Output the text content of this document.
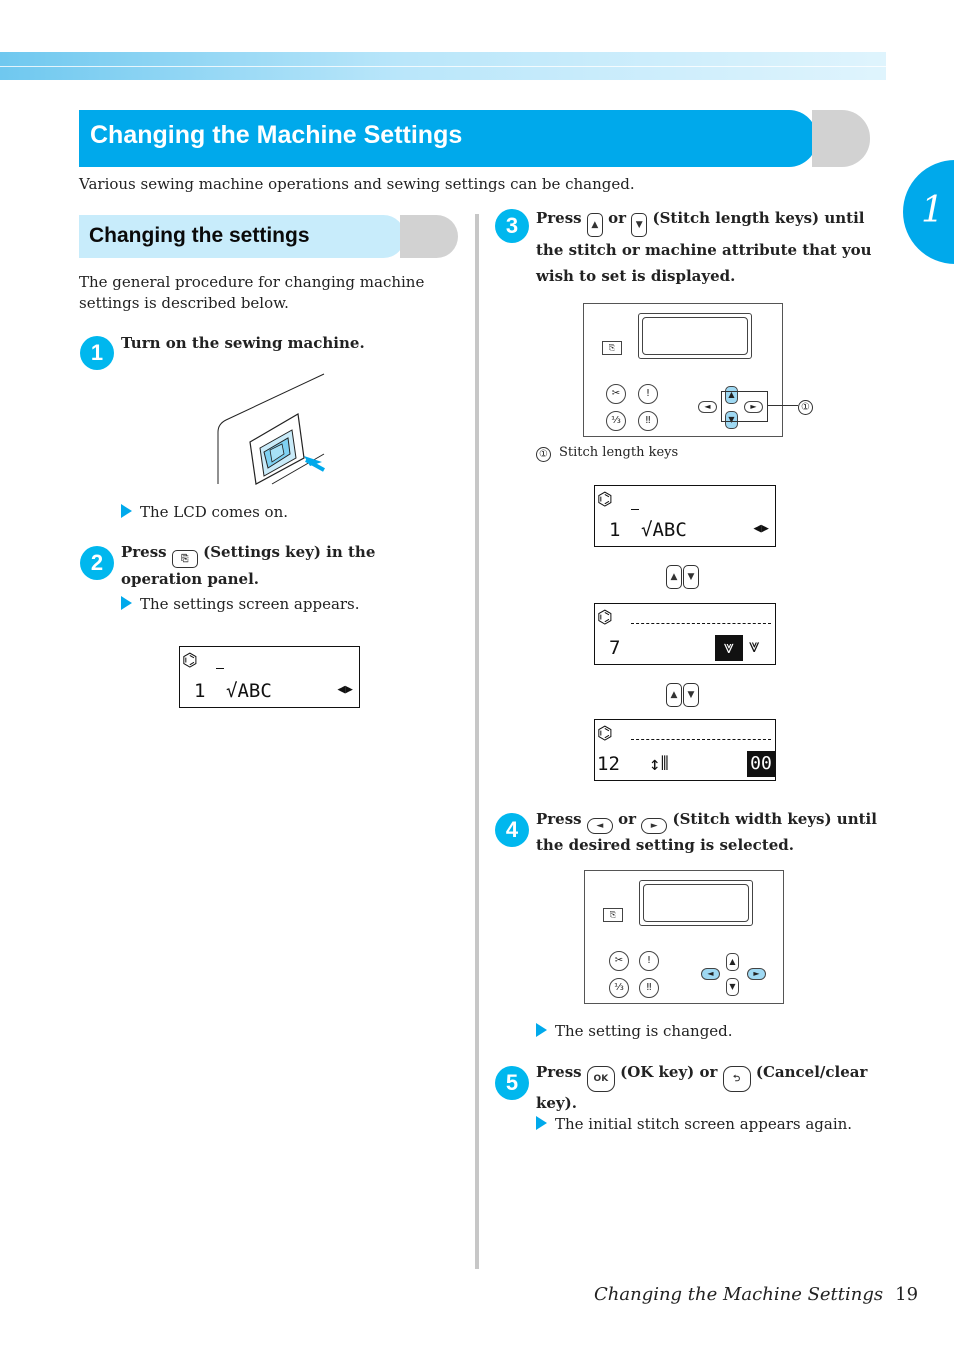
Changing the Machine Settings
1

Various sewing machine operations and sewing settings can be changed.

Changing the settings

The general procedure for changing machine settings is described below.

1	Turn on the sewing machine.

The LCD comes on.

2	Press ⎘ (Settings key) in the operation panel.

The settings screen appears.

⌬
1 √ABC	◀▶
3	Press ▲ or ▼ (Stitch length keys) until the stitch or machine attribute that you wish to set is displayed.

⎘
✂	!
⅓	‼
▲
▼
◄	►	①

① Stitch length keys

⌬
1 √ABC	◀▶
▲ ▼
⌬
7	⩔ ⩔
▲ ▼
⌬
12 ↕⦀	00
4	Press ◄ or ► (Stitch width keys) until the desired setting is selected.

⎘
✂	!
⅓	‼
▲
▼
◄	►

The setting is changed.

5	Press OK (OK key) or ⮌ (Cancel/clear key).

The initial stitch screen appears again.

Changing the Machine Settings 19
